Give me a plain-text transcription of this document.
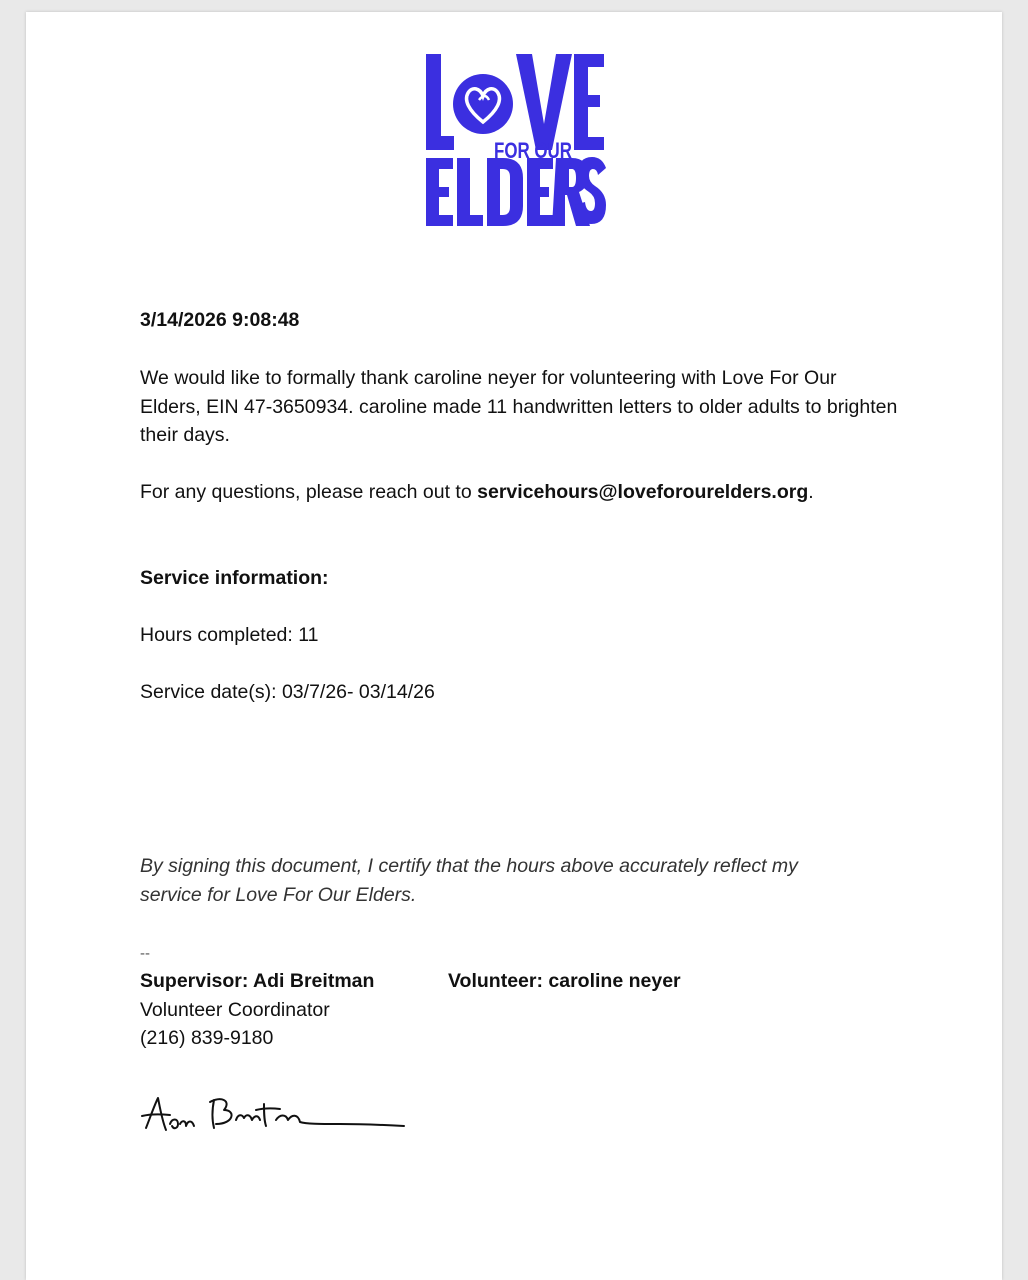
FOR OUR

3/14/2026 9:08:48

We would like to formally thank caroline neyer for volunteering with Love For Our Elders, EIN 47-3650934. caroline made 11 handwritten letters to older adults to brighten their days.

For any questions, please reach out to servicehours@loveforourelders.org.

Service information:

Hours completed: 11

Service date(s): 03/7/26- 03/14/26

By signing this document, I certify that the hours above accurately reflect my service for Love For Our Elders.

--

Supervisor: Adi Breitman
Volunteer Coordinator
(216) 839-9180
Volunteer: caroline neyer
